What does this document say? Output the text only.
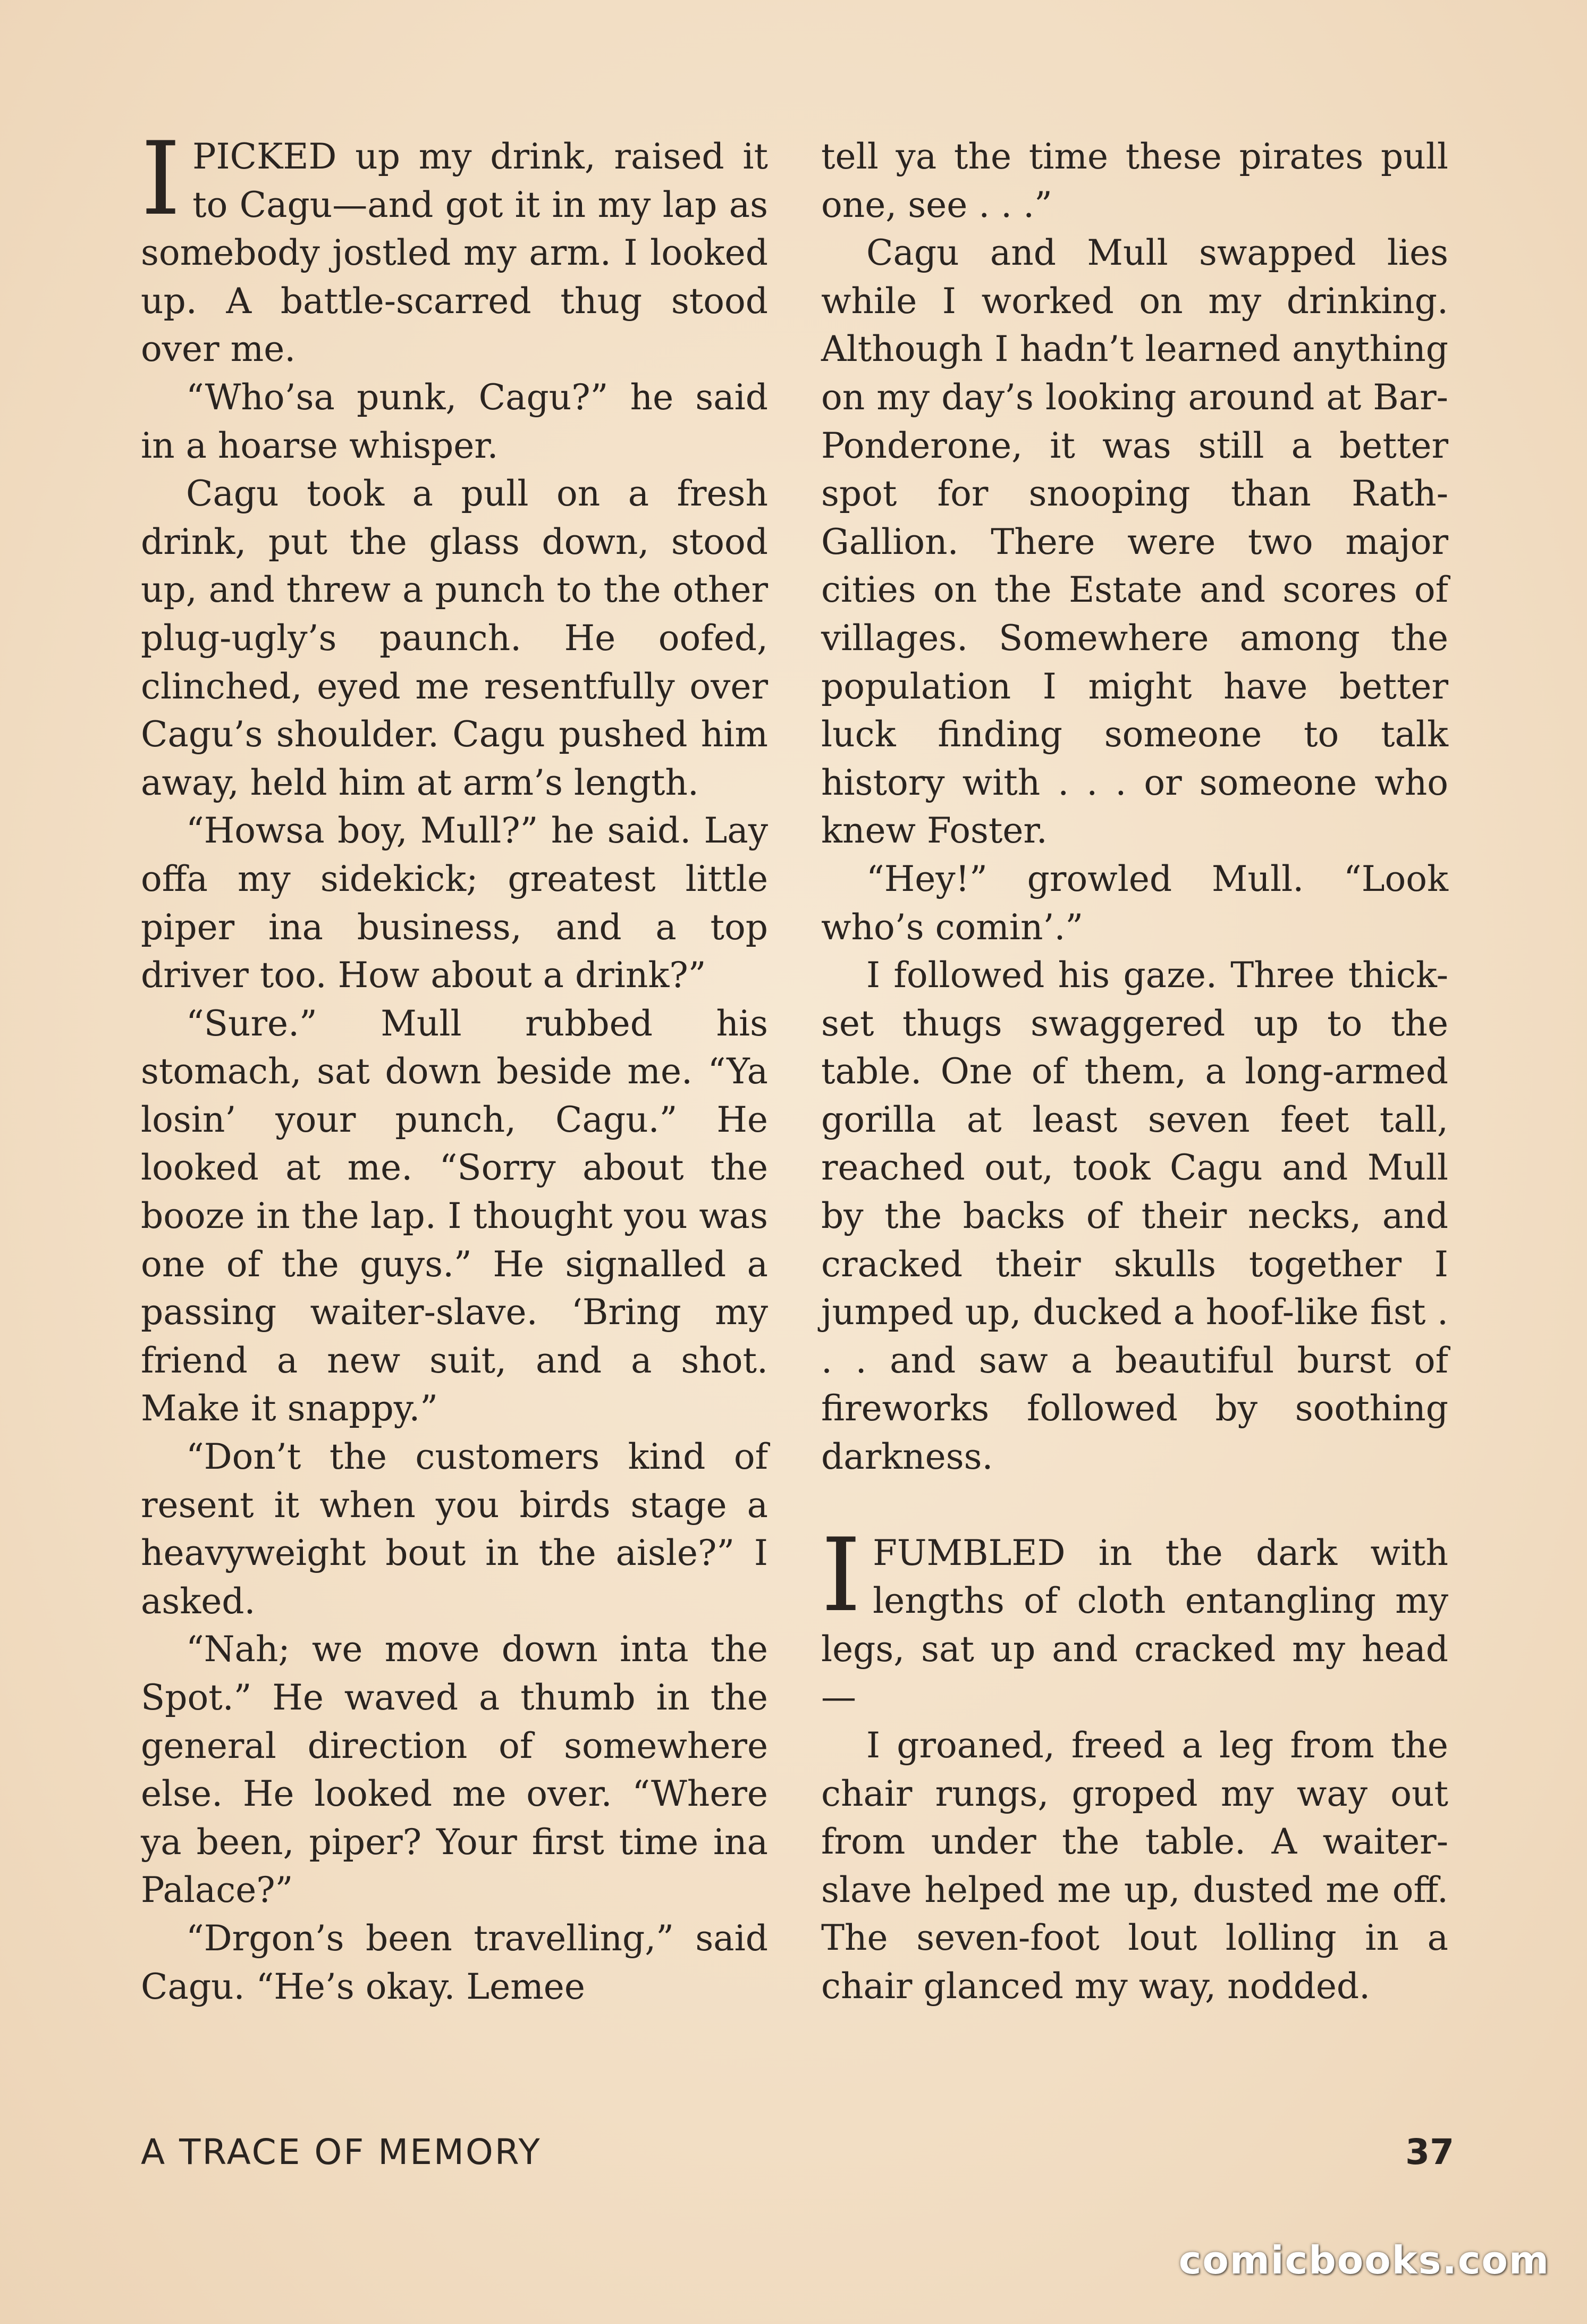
IPICKED up my drink, raised it to Cagu—and got it in my lap as somebody jostled my arm. I looked up. A battle-scarred thug stood over me.

“Who’sa punk, Cagu?” he said in a hoarse whisper.

Cagu took a pull on a fresh drink, put the glass down, stood up, and threw a punch to the other plug-ugly’s paunch. He oofed, clinched, eyed me resentfully over Cagu’s shoulder. Cagu pushed him away, held him at arm’s length.

“Howsa boy, Mull?” he said. Lay offa my sidekick; greatest little piper ina business, and a top driver too. How about a drink?”

“Sure.” Mull rubbed his stomach, sat down beside me. “Ya losin’ your punch, Cagu.” He looked at me. “Sorry about the booze in the lap. I thought you was one of the guys.” He signalled a passing waiter-slave. ‘Bring my friend a new suit, and a shot. Make it snappy.”

“Don’t the customers kind of resent it when you birds stage a heavyweight bout in the aisle?” I asked.

“Nah; we move down inta the Spot.” He waved a thumb in the general direction of somewhere else. He looked me over. “Where ya been, piper? Your first time ina Palace?”

“Drgon’s been travelling,” said Cagu. “He’s okay. Lemee

tell ya the time these pirates pull one, see . . .”

Cagu and Mull swapped lies while I worked on my drinking. Although I hadn’t learned anything on my day’s looking around at Bar-Ponderone, it was still a better spot for snooping than Rath-Gallion. There were two major cities on the Estate and scores of villages. Somewhere among the population I might have better luck finding someone to talk history with . . . or someone who knew Foster.

“Hey!” growled Mull. “Look who’s comin’.”

I followed his gaze. Three thick-set thugs swaggered up to the table. One of them, a long-armed gorilla at least seven feet tall, reached out, took Cagu and Mull by the backs of their necks, and cracked their skulls together I jumped up, ducked a hoof-like fist . . . and saw a beautiful burst of fireworks followed by soothing darkness.

IFUMBLED in the dark with lengths of cloth entangling my legs, sat up and cracked my head—

I groaned, freed a leg from the chair rungs, groped my way out from under the table. A waiter-slave helped me up, dusted me off. The seven-foot lout lolling in a chair glanced my way, nodded.

A TRACE OF MEMORY	37
comicbooks.com
